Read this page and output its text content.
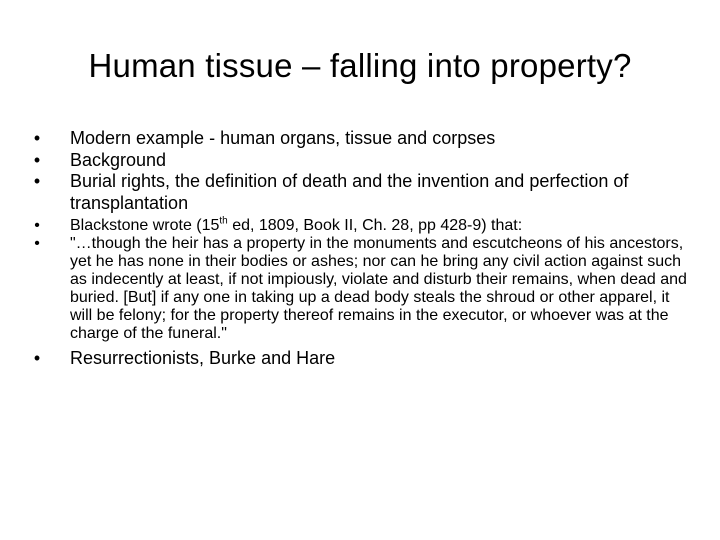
Human tissue – falling into property?
• Modern example - human organs, tissue and corpses
• Background
• Burial rights, the definition of death and the invention and perfection of transplantation
• Blackstone wrote (15th ed, 1809, Book II, Ch. 28, pp 428-9) that:
• "…though the heir has a property in the monuments and escutcheons of his ancestors, yet he has none in their bodies or ashes; nor can he bring any civil action against such as indecently at least, if not impiously, violate and disturb their remains, when dead and buried. [But] if any one in taking up a dead body steals the shroud or other apparel, it will be felony; for the property thereof remains in the executor, or whoever was at the charge of the funeral."
• Resurrectionists, Burke and Hare
